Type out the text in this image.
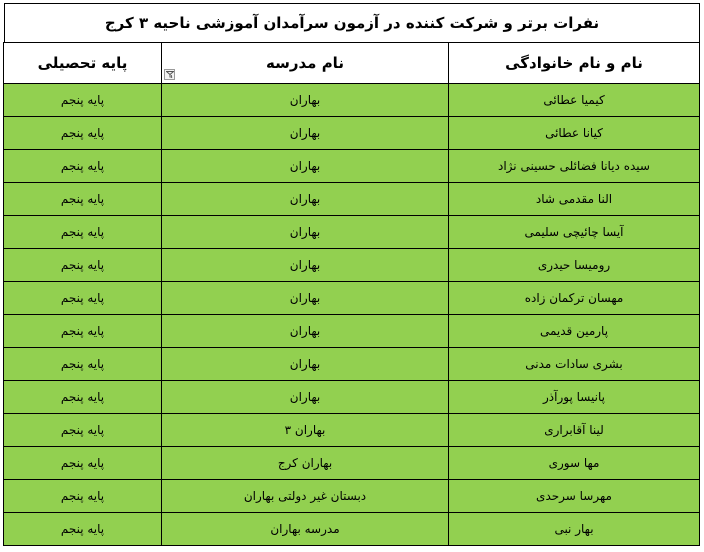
نفرات برتر و شرکت کننده در آزمون سرآمدان آموزشی ناحیه ۳ کرج
نام و نام خانوادگی	نام مدرسه	پایه تحصیلی
کیمیا عطائی	بهاران	پایه پنجم
کیانا عطائی	بهاران	پایه پنجم
سیده دیانا فضائلی حسینی نژاد	بهاران	پایه پنجم
النا مقدمی شاد	بهاران	پایه پنجم
آیسا چائیچی سلیمی	بهاران	پایه پنجم
رومیسا حیدری	بهاران	پایه پنجم
مهسان ترکمان زاده	بهاران	پایه پنجم
پارمین قدیمی	بهاران	پایه پنجم
بشری سادات مدنی	بهاران	پایه پنجم
پانیسا پورآذر	بهاران	پایه پنجم
لینا آقابراری	بهاران ۳	پایه پنجم
مها سوری	بهاران کرج	پایه پنجم
مهرسا سرحدی	دبستان غیر دولتی بهاران	پایه پنجم
بهار نبی	مدرسه بهاران	پایه پنجم
